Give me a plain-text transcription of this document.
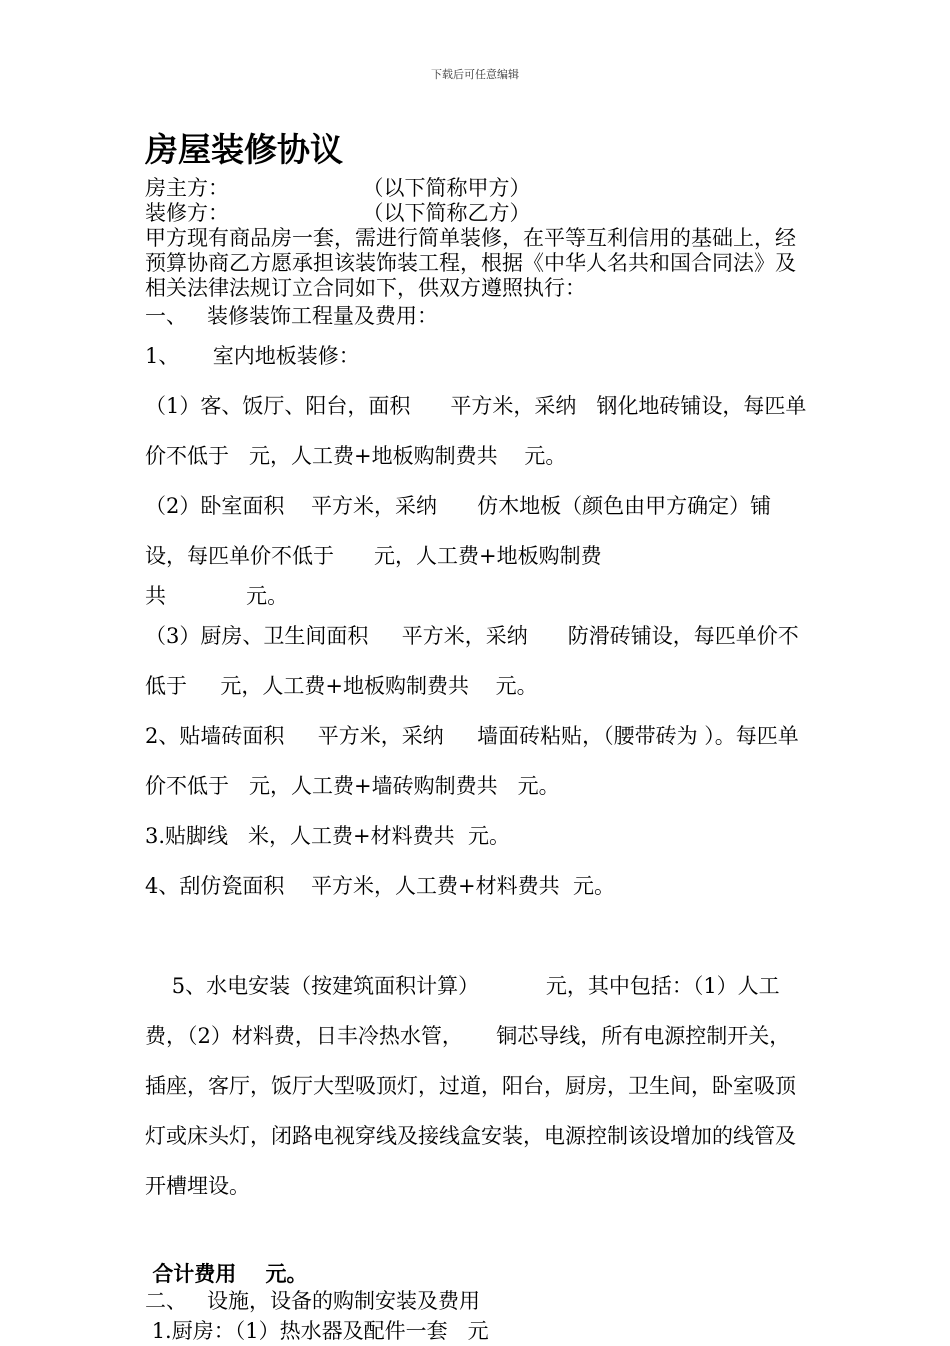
下载后可任意编辑
房屋装修协议
房主方：                    （以下简称甲方）
装修方：                    （以下简称乙方）
甲方现有商品房一套，需进行简单装修，在平等互利信用的基础上，经预算协商乙方愿承担该装饰装工程，根据《中华人名共和国合同法》及相关法律法规订立合同如下，供双方遵照执行：
一、   装修装饰工程量及费用：
1、     室内地板装修：
（1）客、饭厅、阳台，面积      平方米，采纳   钢化地砖铺设，每匹单价不低于   元，人工费+地板购制费共    元。
（2）卧室面积    平方米，采纳      仿木地板（颜色由甲方确定）铺设，每匹单价不低于      元，人工费+地板购制费
共            元。
（3）厨房、卫生间面积     平方米，采纳      防滑砖铺设，每匹单价不低于     元，人工费+地板购制费共    元。
2、贴墙砖面积     平方米，采纳     墙面砖粘贴，（腰带砖为 ）。每匹单价不低于   元，人工费+墙砖购制费共   元。
3.贴脚线   米，人工费+材料费共  元。
4、刮仿瓷面积    平方米，人工费+材料费共  元。

5、水电安装（按建筑面积计算）          元，其中包括：（1）人工费，（2）材料费，日丰冷热水管，     铜芯导线，所有电源控制开关，插座，客厅，饭厅大型吸顶灯，过道，阳台，厨房，卫生间，卧室吸顶灯或床头灯，闭路电视穿线及接线盒安装，电源控制该设增加的线管及开槽埋设。

合计费用    元。
二、   设施，设备的购制安装及费用
1.厨房：（1）热水器及配件一套   元
